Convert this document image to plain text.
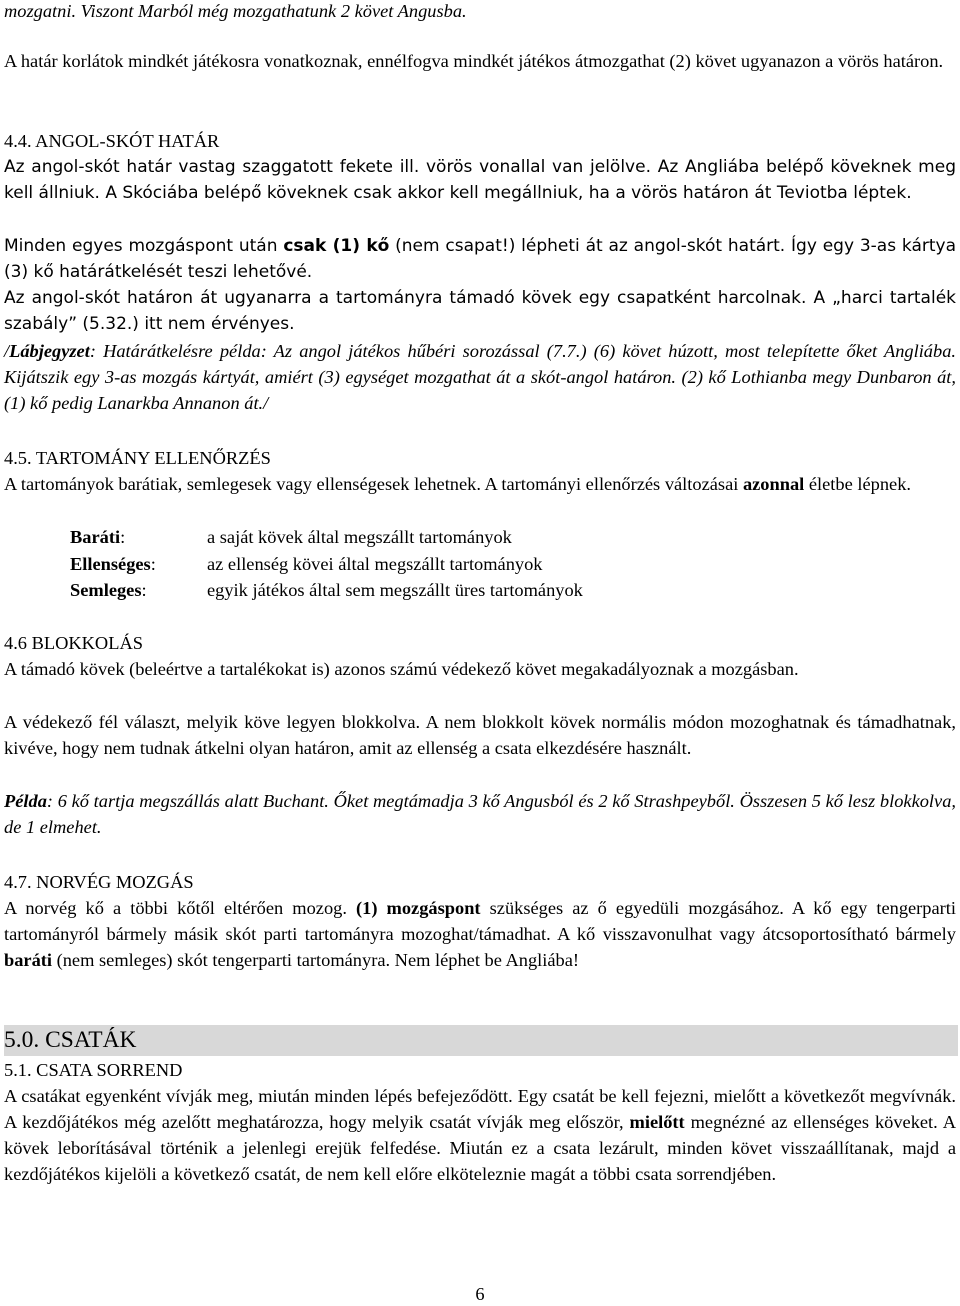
mozgatni. Viszont Marból még mozgathatunk 2 követ Angusba.

A határ korlátok mindkét játékosra vonatkoznak, ennélfogva mindkét játékos átmozgathat (2) követ ugyanazon a vörös határon.

4.4. ANGOL-SKÓT HATÁR

Az angol-skót határ vastag szaggatott fekete ill. vörös vonallal van jelölve. Az Angliába belépő köveknek meg kell állniuk. A Skóciába belépő köveknek csak akkor kell megállniuk, ha a vörös határon át Teviotba léptek.

Minden egyes mozgáspont után csak (1) kő (nem csapat!) lépheti át az angol-skót határt. Így egy 3-as kártya (3) kő határátkelését teszi lehetővé.

Az angol-skót határon át ugyanarra a tartományra támadó kövek egy csapatként harcolnak. A „harci tartalék szabály” (5.32.) itt nem érvényes.

/Lábjegyzet: Határátkelésre példa: Az angol játékos hűbéri sorozással (7.7.) (6) követ húzott, most telepítette őket Angliába. Kijátszik egy 3-as mozgás kártyát, amiért (3) egységet mozgathat át a skót-angol határon. (2) kő Lothianba megy Dunbaron át, (1) kő pedig Lanarkba Annanon át./

4.5. TARTOMÁNY ELLENŐRZÉS

A tartományok barátiak, semlegesek vagy ellenségesek lehetnek. A tartományi ellenőrzés változásai azonnal életbe lépnek.

Baráti:	a saját kövek által megszállt tartományok
Ellenséges:	az ellenség kövei által megszállt tartományok
Semleges:	egyik játékos által sem megszállt üres tartományok

4.6 BLOKKOLÁS

A támadó kövek (beleértve a tartalékokat is) azonos számú védekező követ megakadályoznak a mozgásban.

A védekező fél választ, melyik köve legyen blokkolva. A nem blokkolt kövek normális módon mozoghatnak és támadhatnak, kivéve, hogy nem tudnak átkelni olyan határon, amit az ellenség a csata elkezdésére használt.

Példa: 6 kő tartja megszállás alatt Buchant. Őket megtámadja 3 kő Angusból és 2 kő Strashpeyből. Összesen 5 kő lesz blokkolva, de 1 elmehet.

4.7. NORVÉG MOZGÁS

A norvég kő a többi kőtől eltérően mozog. (1) mozgáspont szükséges az ő egyedüli mozgásához. A kő egy tengerparti tartományról bármely másik skót parti tartományra mozoghat/támadhat. A kő visszavonulhat vagy átcsoportosítható bármely baráti (nem semleges) skót tengerparti tartományra. Nem léphet be Angliába!

5.0. CSATÁK

5.1. CSATA SORREND

A csatákat egyenként vívják meg, miután minden lépés befejeződött. Egy csatát be kell fejezni, mielőtt a következőt megvívnák. A kezdőjátékos még azelőtt meghatározza, hogy melyik csatát vívják meg először, mielőtt megnézné az ellenséges köveket. A kövek leborításával történik a jelenlegi erejük felfedése. Miután ez a csata lezárult, minden követ visszaállítanak, majd a kezdőjátékos kijelöli a következő csatát, de nem kell előre elköteleznie magát a többi csata sorrendjében.

6
